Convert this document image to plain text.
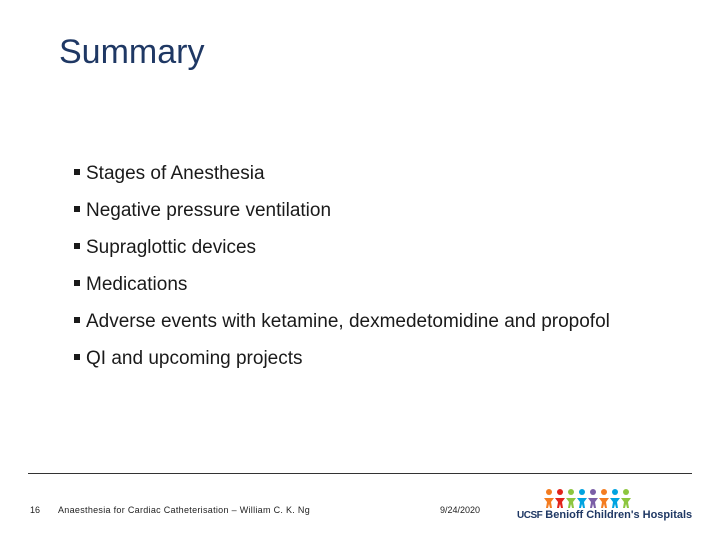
Summary
Stages of Anesthesia
Negative pressure ventilation
Supraglottic devices
Medications
Adverse events with ketamine, dexmedetomidine and propofol
QI and upcoming projects
16 Anaesthesia for Cardiac Catheterisation – William C. K. Ng	9/24/2020	UCSF Benioff Children's Hospitals
